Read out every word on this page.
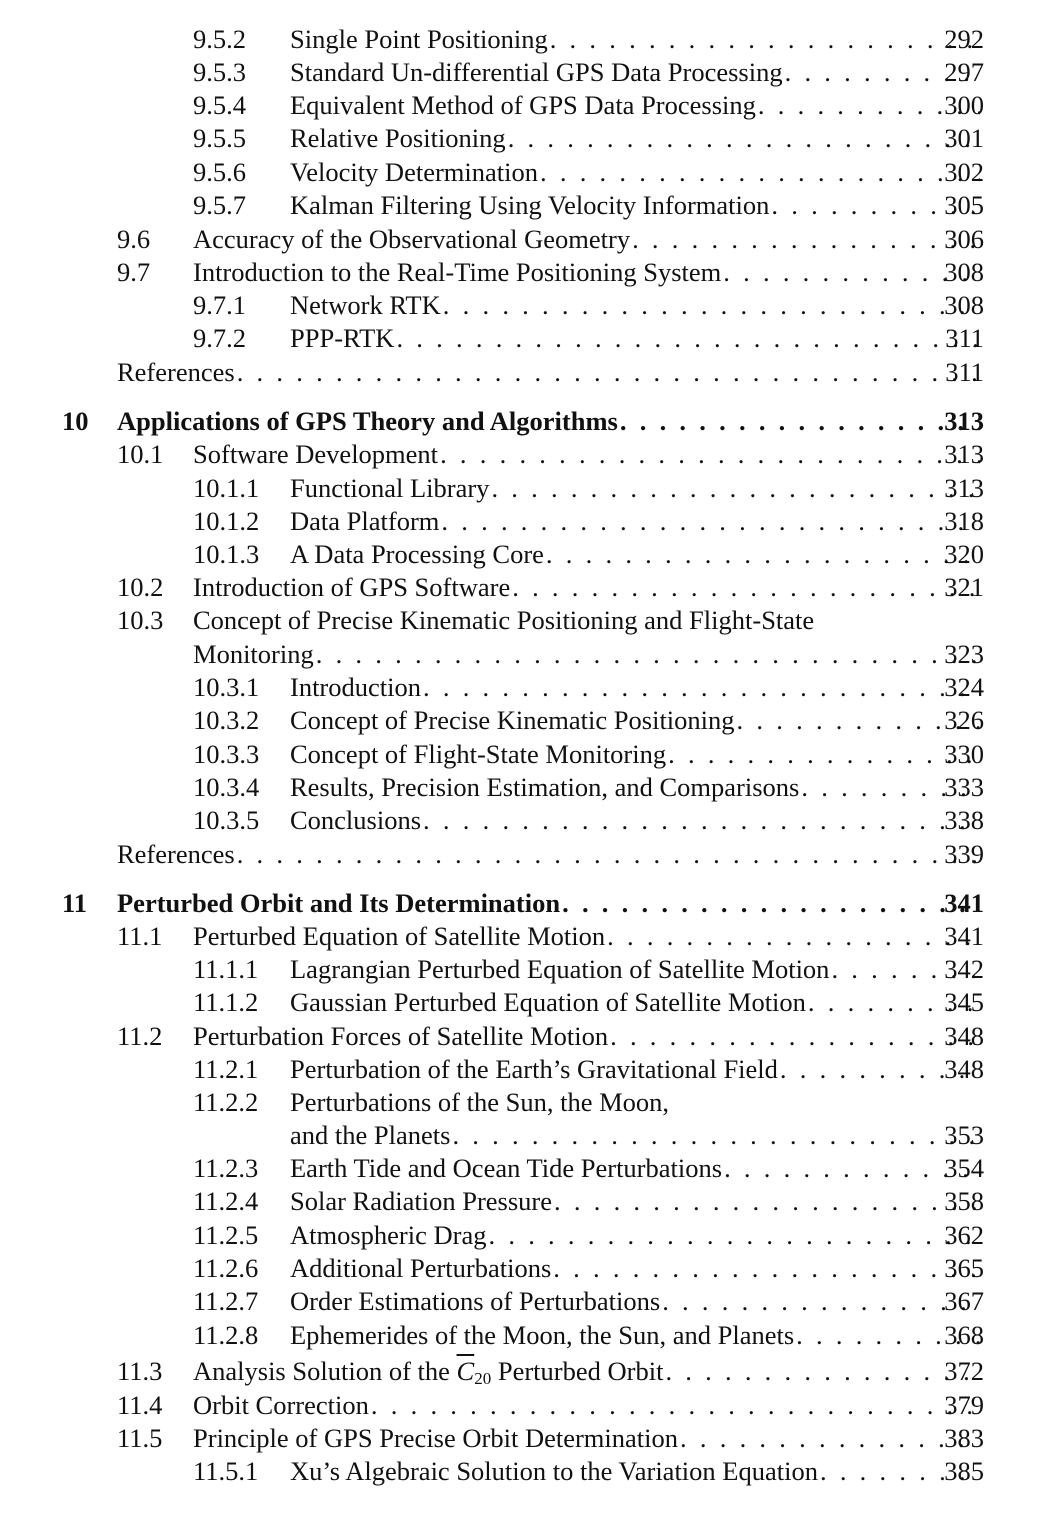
9.5.2 Single Point Positioning . . .	292
9.5.3 Standard Un-differential GPS Data Processing . . .	297
9.5.4 Equivalent Method of GPS Data Processing . . .	300
9.5.5 Relative Positioning . . .	301
9.5.6 Velocity Determination . . .	302
9.5.7 Kalman Filtering Using Velocity Information . . .	305
9.6 Accuracy of the Observational Geometry . . .	306
9.7 Introduction to the Real-Time Positioning System . . .	308
9.7.1 Network RTK . . .	308
9.7.2 PPP-RTK . . .	311
References . . .	311
10 Applications of GPS Theory and Algorithms . . .	313
10.1 Software Development . . .	313
10.1.1 Functional Library . . .	313
10.1.2 Data Platform . . .	318
10.1.3 A Data Processing Core . . .	320
10.2 Introduction of GPS Software . . .	321
10.3 Concept of Precise Kinematic Positioning and Flight-State
Monitoring . . .	323
10.3.1 Introduction . . .	324
10.3.2 Concept of Precise Kinematic Positioning . . .	326
10.3.3 Concept of Flight-State Monitoring . . .	330
10.3.4 Results, Precision Estimation, and Comparisons . . .	333
10.3.5 Conclusions . . .	338
References . . .	339
11 Perturbed Orbit and Its Determination . . .	341
11.1 Perturbed Equation of Satellite Motion . . .	341
11.1.1 Lagrangian Perturbed Equation of Satellite Motion . . .	342
11.1.2 Gaussian Perturbed Equation of Satellite Motion . . .	345
11.2 Perturbation Forces of Satellite Motion . . .	348
11.2.1 Perturbation of the Earth’s Gravitational Field . . .	348
11.2.2 Perturbations of the Sun, the Moon,
and the Planets . . .	353
11.2.3 Earth Tide and Ocean Tide Perturbations . . .	354
11.2.4 Solar Radiation Pressure . . .	358
11.2.5 Atmospheric Drag . . .	362
11.2.6 Additional Perturbations . . .	365
11.2.7 Order Estimations of Perturbations . . .	367
11.2.8 Ephemerides of the Moon, the Sun, and Planets . . .	368
11.3 Analysis Solution of the $\overline{C}_{20}$ Perturbed Orbit . . .	372
11.4 Orbit Correction . . .	379
11.5 Principle of GPS Precise Orbit Determination . . .	383
11.5.1 Xu’s Algebraic Solution to the Variation Equation . . .	385
